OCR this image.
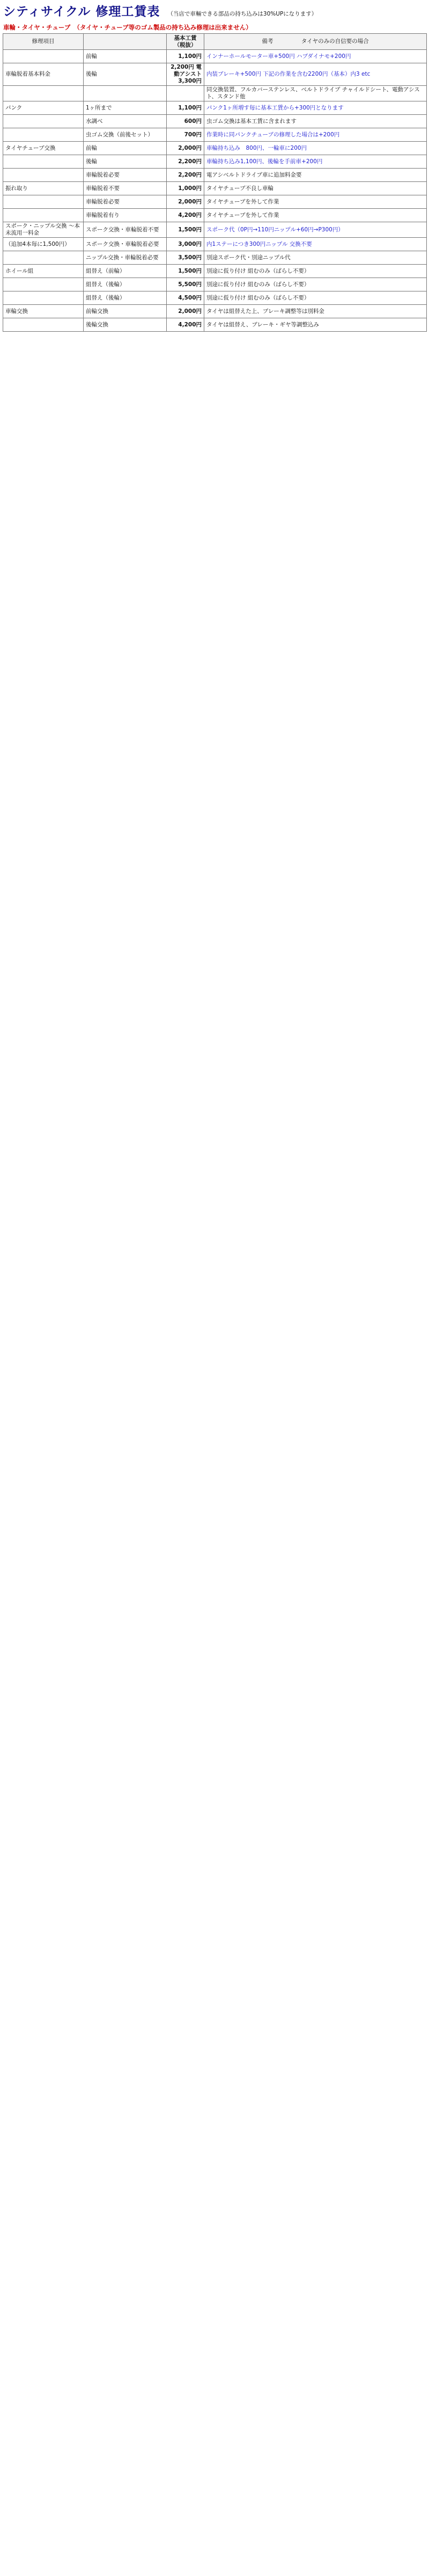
シティサイクル 修理工賃表 （当店で車輛できる部品の持ち込みは30%UPになります）
車輪・タイヤ・チューブ （タイヤ・チューブ等のゴム製品の持ち込み修理は出来ません）
修理項目		基本工賃 （税抜）	備考　　　　　タイヤのみの自信要の場合
	前輪	1,100円	インナーホールモーター車+500円 ハブダイナモ+200円
車輪脱着基本料金	後輪	2,200円 電動アシスト 3,300円	内装ブレーキ+500円 下記の作業を含む2200円（基本）内3 etc
			同交換装置、フルカバーステンレス、ベルトドライブ チャイルドシート、電動アシスト、スタンド他
パンク	1ヶ所まで	1,100円	パンク1ヶ所増す毎に基本工賃から+300円となります
	水調べ	600円	虫ゴム交換は基本工賃に含まれます
	虫ゴム交換（前後セット）	700円	作業時に同パンクチューブの修理した場合は+200円
タイヤチューブ交換	前輪	2,000円	車輪持ち込み　800円、一輪車に200円
	後輪	2,200円	車輪持ち込み1,100円、後輪を手前車+200円
	車輪脱着必要	2,200円	電アシベルトドライブ車に追加料金要
振れ取り	車輪脱着不要	1,000円	タイヤチューブ不良し車輪
	車輪脱着必要	2,000円	タイヤチューブを外して作業
	車輪脱着有り	4,200円	タイヤチューブを外して作業
スポーク・ニップル交換 〜本未流用一料金	スポーク交換・車輪脱着不要	1,500円	スポーク代（0P円→110円ニップル+60円→P300円）
（追加4本毎に1,500円）	スポーク交換・車輪脱着必要	3,000円	内1ステーにつき300円ニップル 交換不要
	ニップル交換・車輪脱着必要	3,500円	別途スポーク代・別途ニップル代
ホイール組	組替え（前輪）	1,500円	別途に仮り付け 組むのみ（ばらし不要）
	組替え（後輪）	5,500円	別途に仮り付け 組むのみ（ばらし不要）
	組替え（後輪）	4,500円	別途に仮り付け 組むのみ（ばらし不要）
車輪交換	前輪交換	2,000円	タイヤは組替えた上、ブレーキ調整等は別料金
	後輪交換	4,200円	タイヤは組替え、ブレーキ・ギヤ等調整込み
